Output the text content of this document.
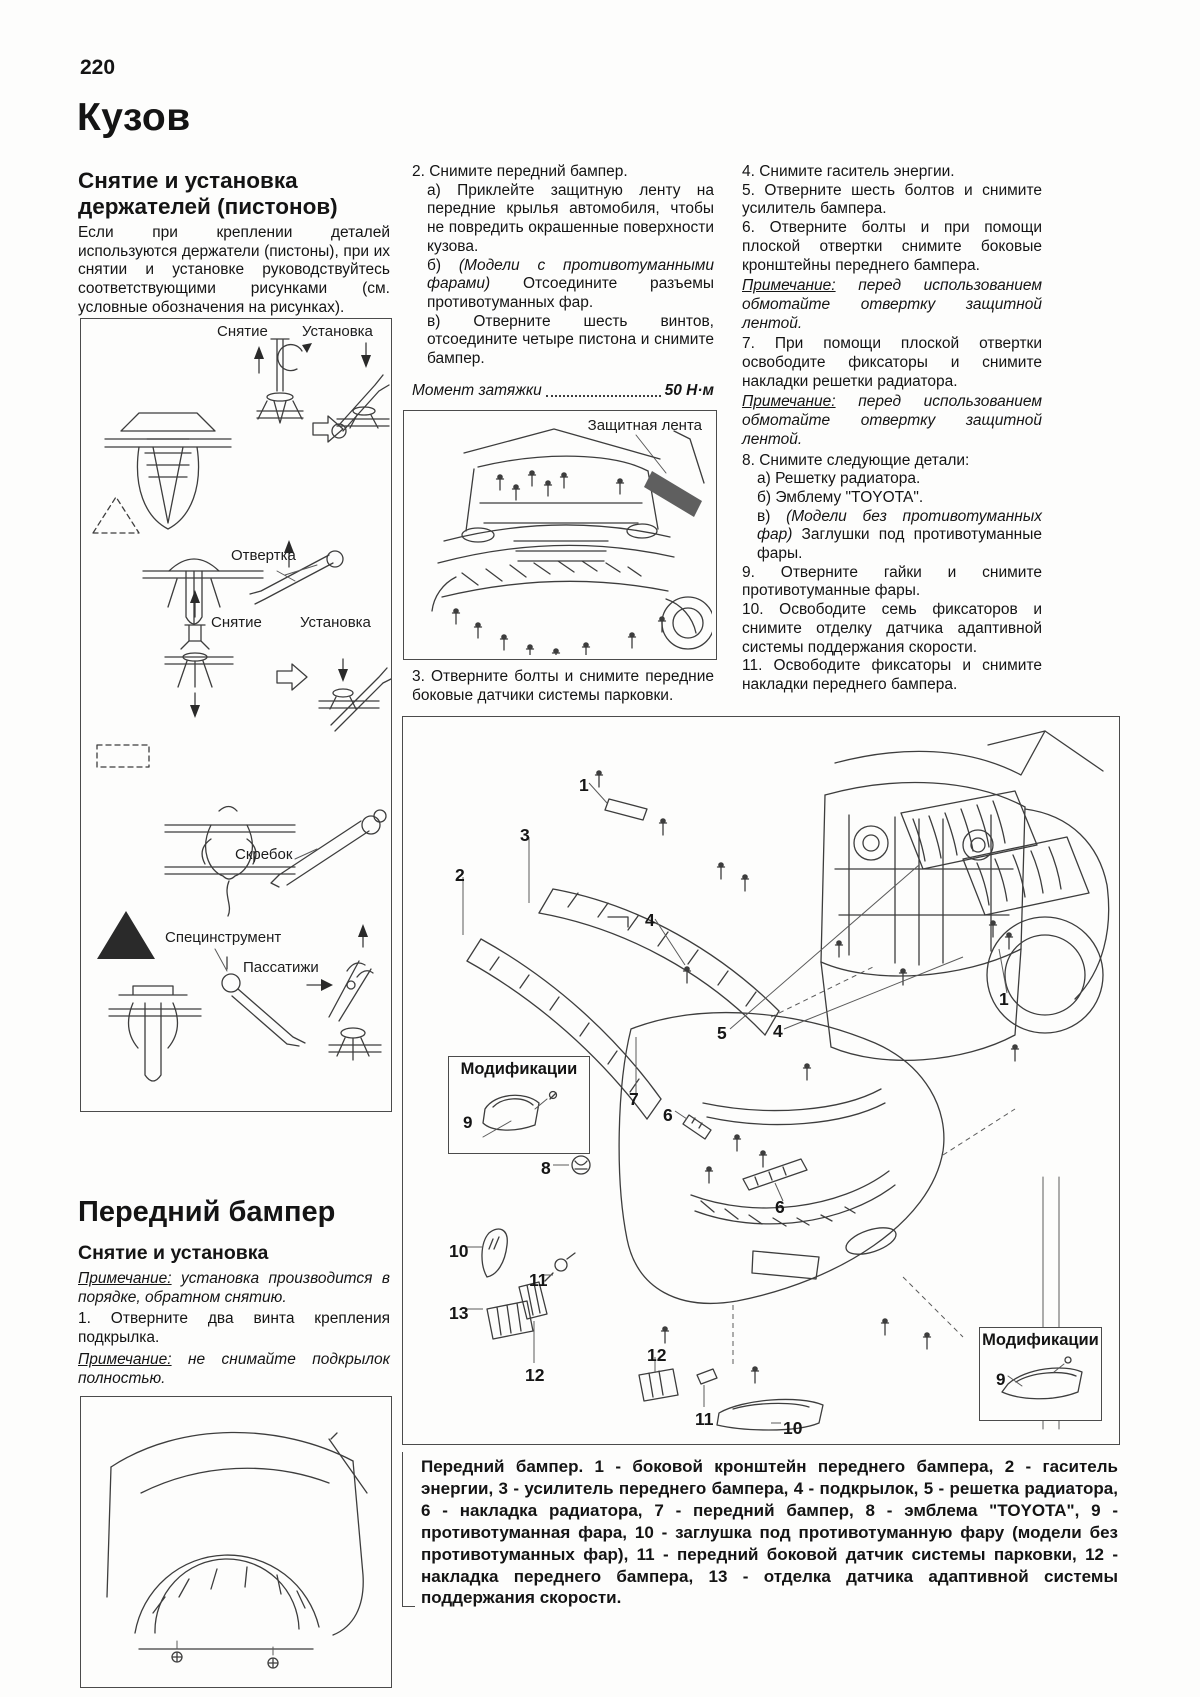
220
Кузов
Снятие и установка держателей (пистонов)

Если при креплении деталей используются держатели (пистоны), при их снятии и установке руководствуйтесь соответствующими рисунками (см. условные обозначения на рисунках).

Снятие Установка
Отвертка
Снятие	Установка
Скребок
Специнструмент
Пассатижи
Передний бампер
Снятие и установка

Примечание: установка производится в порядке, обратном снятию.

1. Отверните два винта крепления подкрылка.

Примечание: не снимайте подкрылок полностью.

2. Снимите передний бампер.

а) Приклейте защитную ленту на передние крылья автомобиля, чтобы не повредить окрашенные поверхности кузова.

б) (Модели с противотуманными фарами) Отсоедините разъемы противотуманных фар.

в) Отверните шесть винтов, отсоедините четыре пистона и снимите бампер.

Момент затяжки	50 Н·м
Защитная лента

3. Отверните болты и снимите передние боковые датчики системы парковки.

4. Снимите гаситель энергии.

5. Отверните шесть болтов и снимите усилитель бампера.

6. Отверните болты и при помощи плоской отвертки снимите боковые кронштейны переднего бампера.

Примечание: перед использованием обмотайте отвертку защитной лентой.

7. При помощи плоской отвертки освободите фиксаторы и снимите накладки решетки радиатора.

Примечание: перед использованием обмотайте отвертку защитной лентой.

8. Снимите следующие детали:

а) Решетку радиатора.

б) Эмблему "TOYOTA".

в) (Модели без противотуманных фар) Заглушки под противотуманные фары.

9. Отверните гайки и снимите противотуманные фары.

10. Освободите семь фиксаторов и снимите отделку датчика адаптивной системы поддержания скорости.

11. Освободите фиксаторы и снимите накладки переднего бампера.

1
3
2
4
5	4
1
7
6
8
6
10
11
13
12
12
11	10
Модификации
9
Модификации
9
Передний бампер. 1 - боковой кронштейн переднего бампера, 2 - гаситель энергии, 3 - усилитель переднего бампера, 4 - подкрылок, 5 - решетка радиатора, 6 - накладка радиатора, 7 - передний бампер, 8 - эмблема "TOYOTA", 9 - противотуманная фара, 10 - заглушка под противотуманную фару (модели без противотуманных фар), 11 - передний боковой датчик системы парковки, 12 - накладка переднего бампера, 13 - отделка датчика адаптивной системы поддержания скорости.
